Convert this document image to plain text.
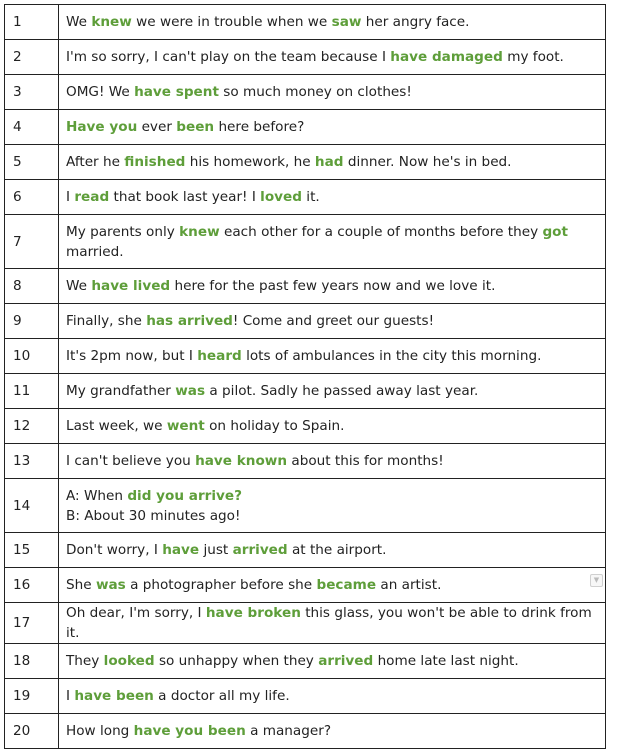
1	We knew we were in trouble when we saw her angry face.

2	I'm so sorry, I can't play on the team because I have damaged my foot.

3	OMG! We have spent so much money on clothes!

4	Have you ever been here before?

5	After he finished his homework, he had dinner. Now he's in bed.

6	I read that book last year! I loved it.

7	My parents only knew each other for a couple of months before they got
married.

8	We have lived here for the past few years now and we love it.

9	Finally, she has arrived! Come and greet our guests!

10	It's 2pm now, but I heard lots of ambulances in the city this morning.

11	My grandfather was a pilot. Sadly he passed away last year.

12	Last week, we went on holiday to Spain.

13	I can't believe you have known about this for months!

14	A: When did you arrive?
B: About 30 minutes ago!

15	Don't worry, I have just arrived at the airport.

16	She was a photographer before she became an artist.

17	Oh dear, I'm sorry, I have broken this glass, you won't be able to drink from it.

18	They looked so unhappy when they arrived home late last night.

19	I have been a doctor all my life.

20	How long have you been a manager?
▼
